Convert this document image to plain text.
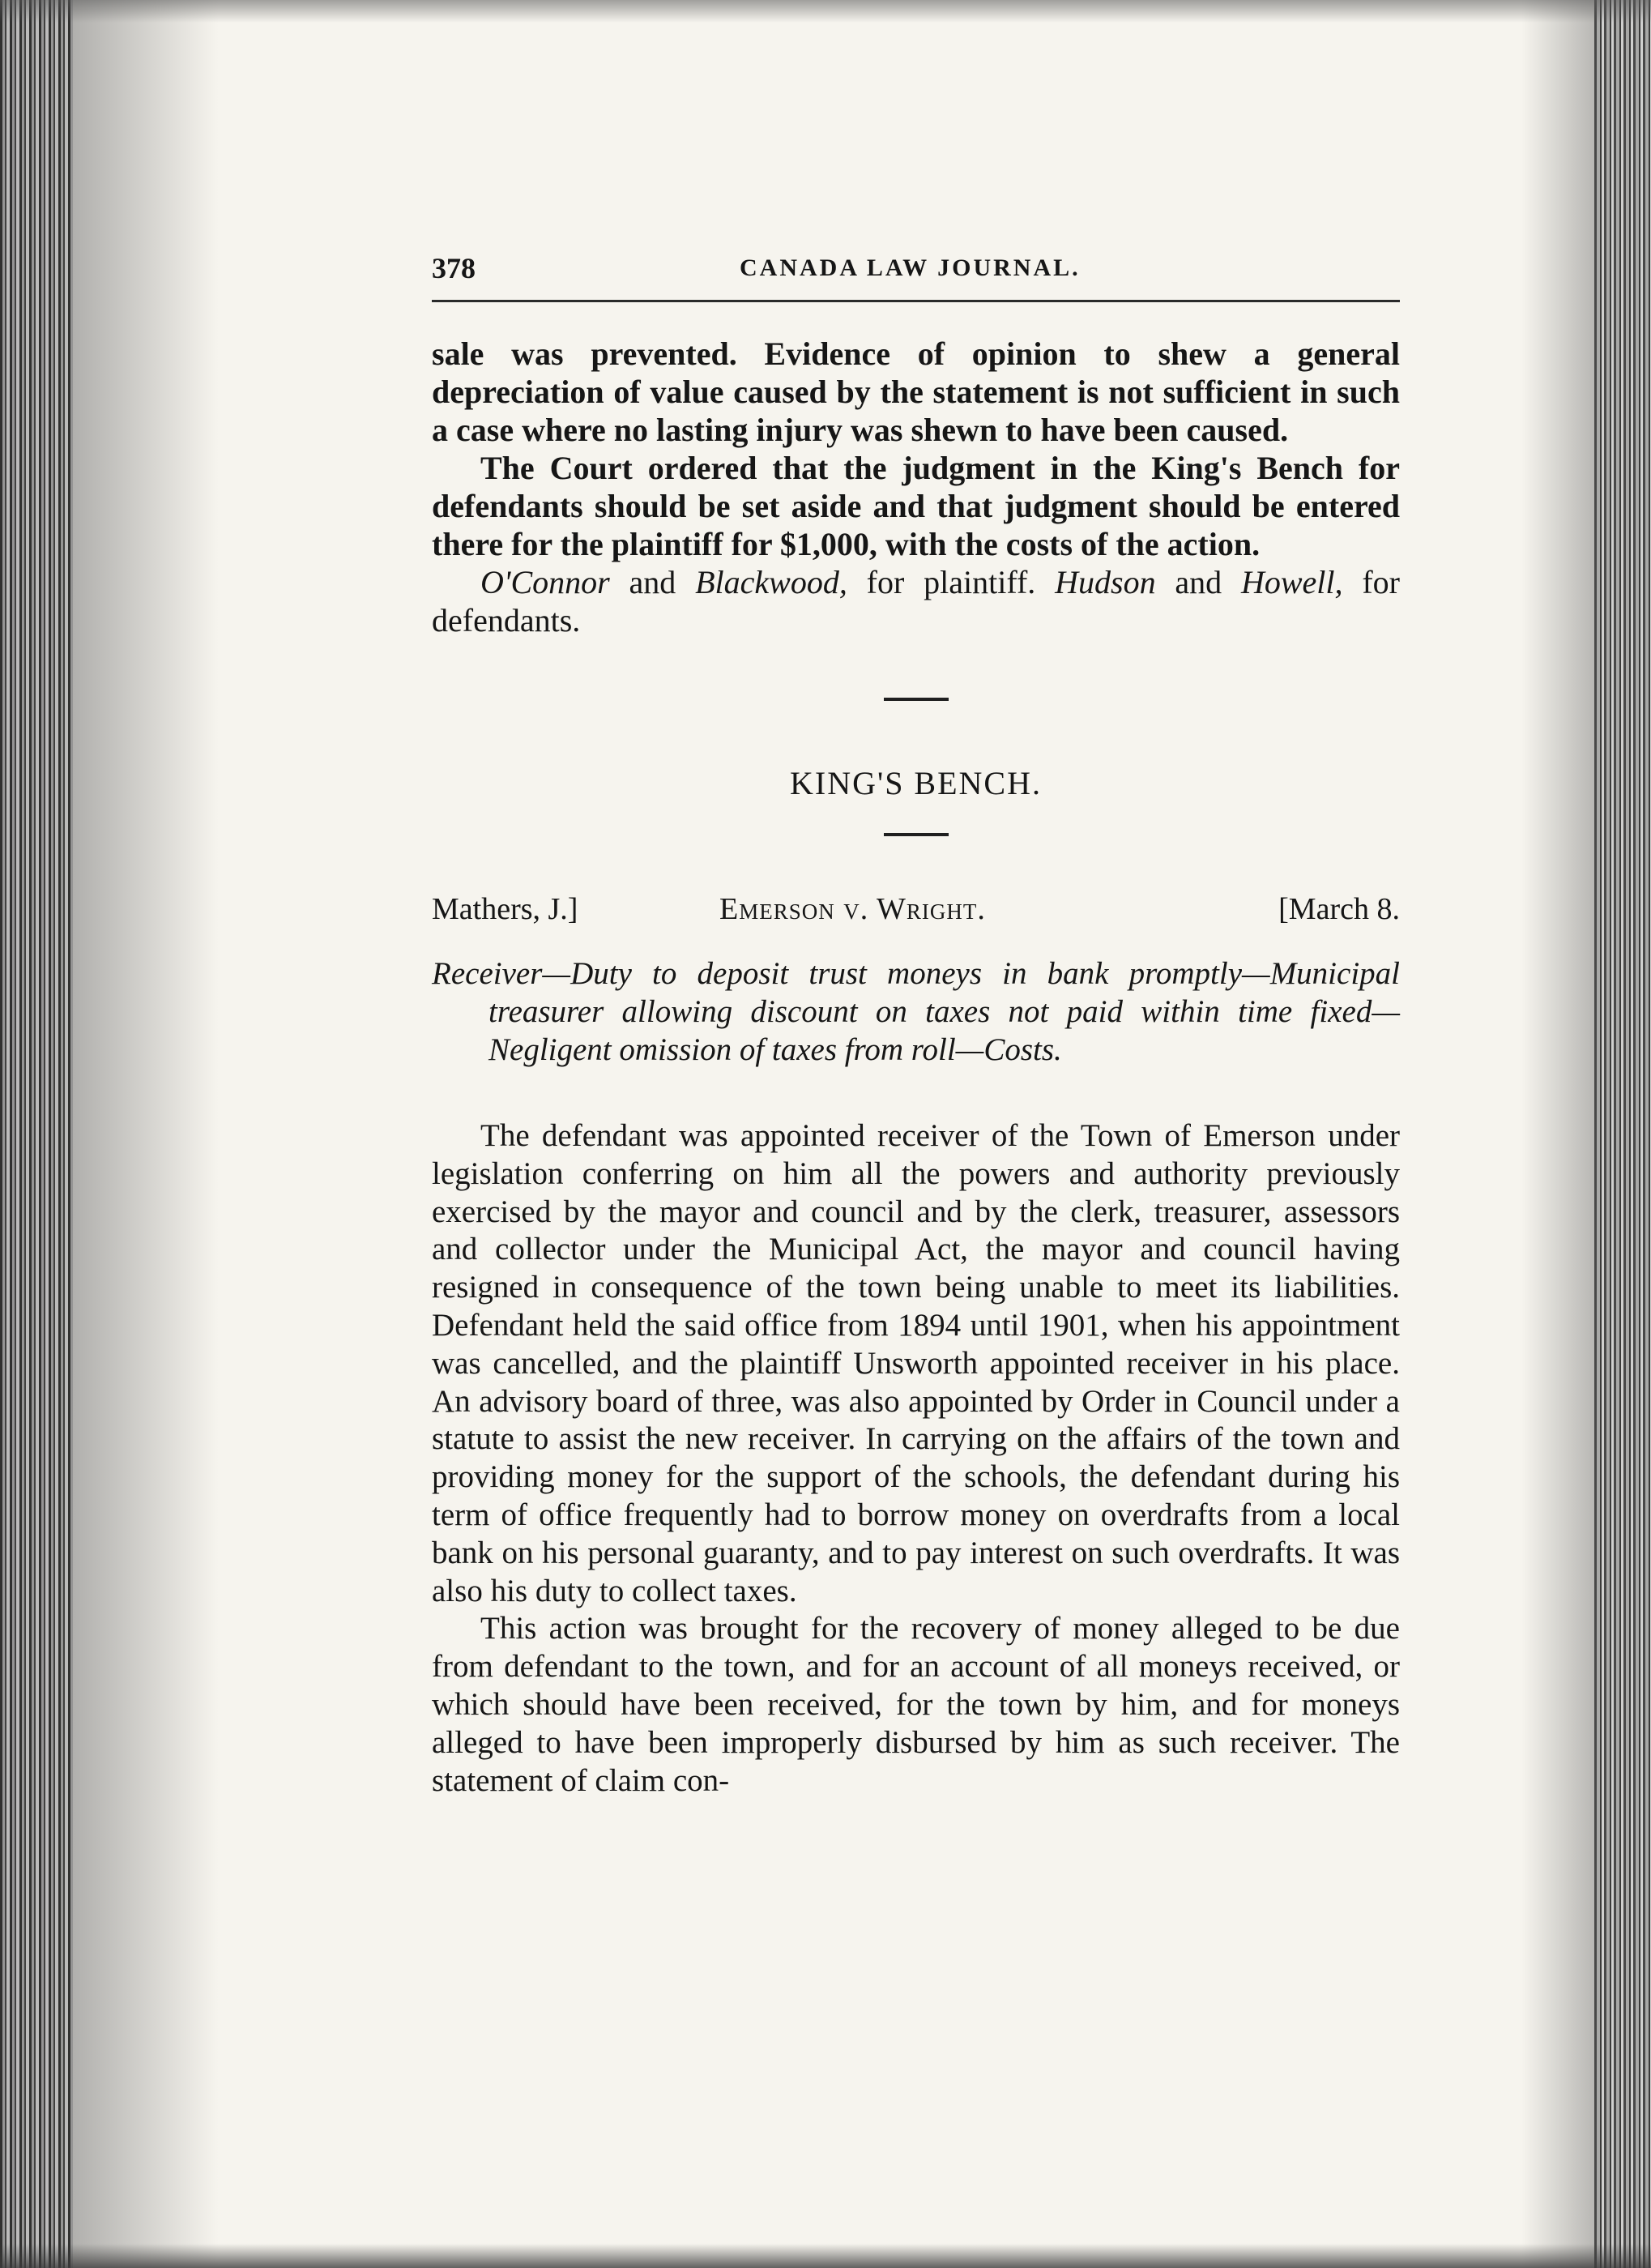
378	CANADA LAW JOURNAL.

sale was prevented. Evidence of opinion to shew a general depreciation of value caused by the statement is not sufficient in such a case where no lasting injury was shewn to have been caused.

The Court ordered that the judgment in the King's Bench for defendants should be set aside and that judgment should be entered there for the plaintiff for $1,000, with the costs of the action.

O'Connor and Blackwood, for plaintiff. Hudson and Howell, for defendants.

KING'S BENCH.
Mathers, J.]	Emerson v. Wright.	[March 8.

Receiver—Duty to deposit trust moneys in bank promptly—Municipal treasurer allowing discount on taxes not paid within time fixed—Negligent omission of taxes from roll—Costs.

The defendant was appointed receiver of the Town of Emerson under legislation conferring on him all the powers and authority previously exercised by the mayor and council and by the clerk, treasurer, assessors and collector under the Municipal Act, the mayor and council having resigned in consequence of the town being unable to meet its liabilities. Defendant held the said office from 1894 until 1901, when his appointment was cancelled, and the plaintiff Unsworth appointed receiver in his place. An advisory board of three, was also appointed by Order in Council under a statute to assist the new receiver. In carrying on the affairs of the town and providing money for the support of the schools, the defendant during his term of office frequently had to borrow money on overdrafts from a local bank on his personal guaranty, and to pay interest on such overdrafts. It was also his duty to collect taxes.

This action was brought for the recovery of money alleged to be due from defendant to the town, and for an account of all moneys received, or which should have been received, for the town by him, and for moneys alleged to have been improperly disbursed by him as such receiver. The statement of claim con-
